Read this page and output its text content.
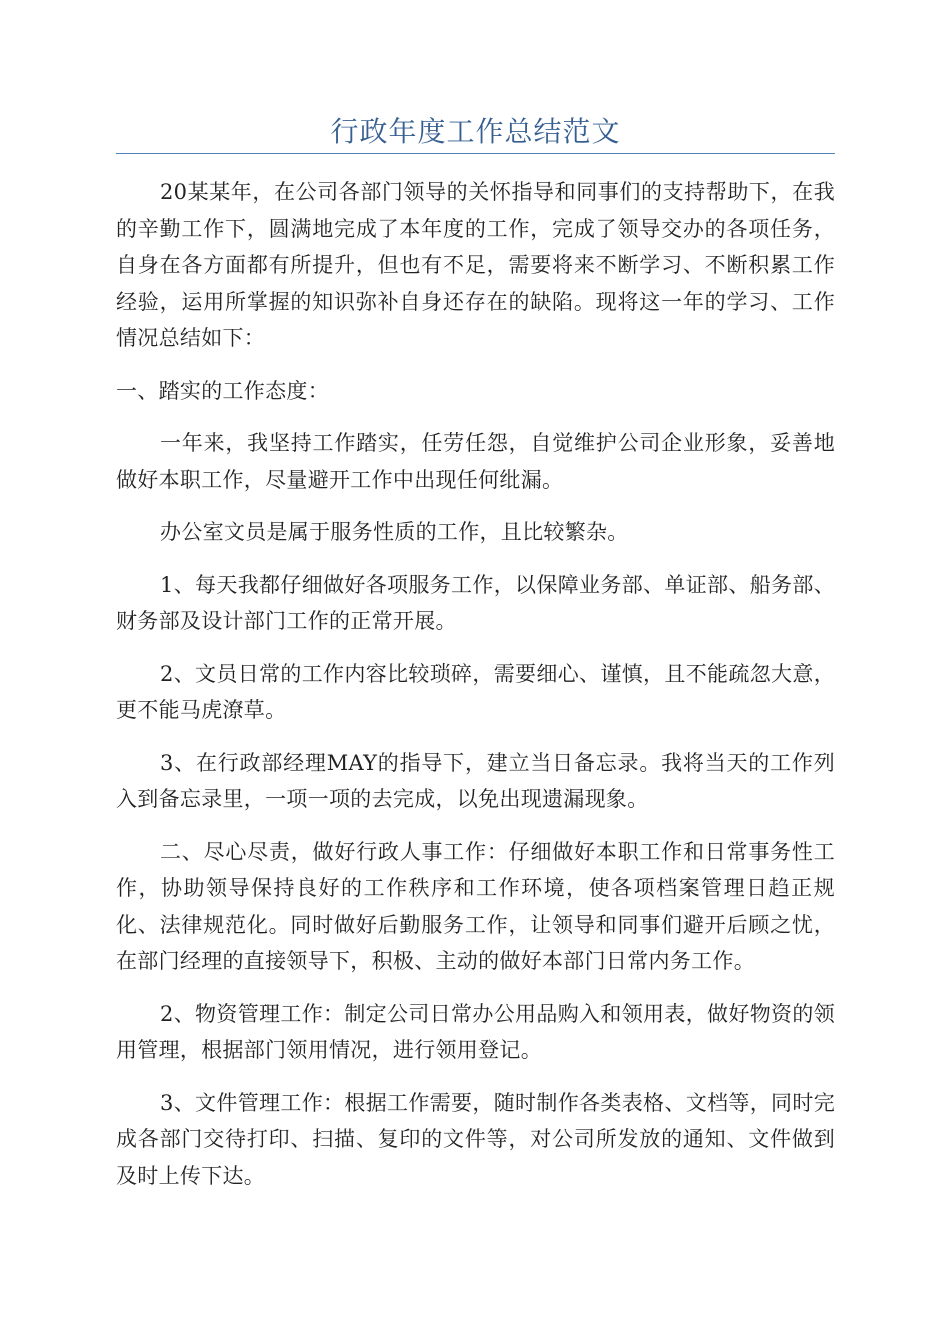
行政年度工作总结范文

20某某年，在公司各部门领导的关怀指导和同事们的支持帮助下，在我的辛勤工作下，圆满地完成了本年度的工作，完成了领导交办的各项任务，自身在各方面都有所提升，但也有不足，需要将来不断学习、不断积累工作经验，运用所掌握的知识弥补自身还存在的缺陷。现将这一年的学习、工作情况总结如下：

一、踏实的工作态度：

一年来，我坚持工作踏实，任劳任怨，自觉维护公司企业形象，妥善地做好本职工作，尽量避开工作中出现任何纰漏。

办公室文员是属于服务性质的工作，且比较繁杂。

1、每天我都仔细做好各项服务工作，以保障业务部、单证部、船务部、财务部及设计部门工作的正常开展。

2、文员日常的工作内容比较琐碎，需要细心、谨慎，且不能疏忽大意，更不能马虎潦草。

3、在行政部经理MAY的指导下，建立当日备忘录。我将当天的工作列入到备忘录里，一项一项的去完成，以免出现遗漏现象。

二、尽心尽责，做好行政人事工作：仔细做好本职工作和日常事务性工作，协助领导保持良好的工作秩序和工作环境，使各项档案管理日趋正规化、法律规范化。同时做好后勤服务工作，让领导和同事们避开后顾之忧，在部门经理的直接领导下，积极、主动的做好本部门日常内务工作。

2、物资管理工作：制定公司日常办公用品购入和领用表，做好物资的领用管理，根据部门领用情况，进行领用登记。

3、文件管理工作：根据工作需要，随时制作各类表格、文档等，同时完成各部门交待打印、扫描、复印的文件等，对公司所发放的通知、文件做到及时上传下达。
